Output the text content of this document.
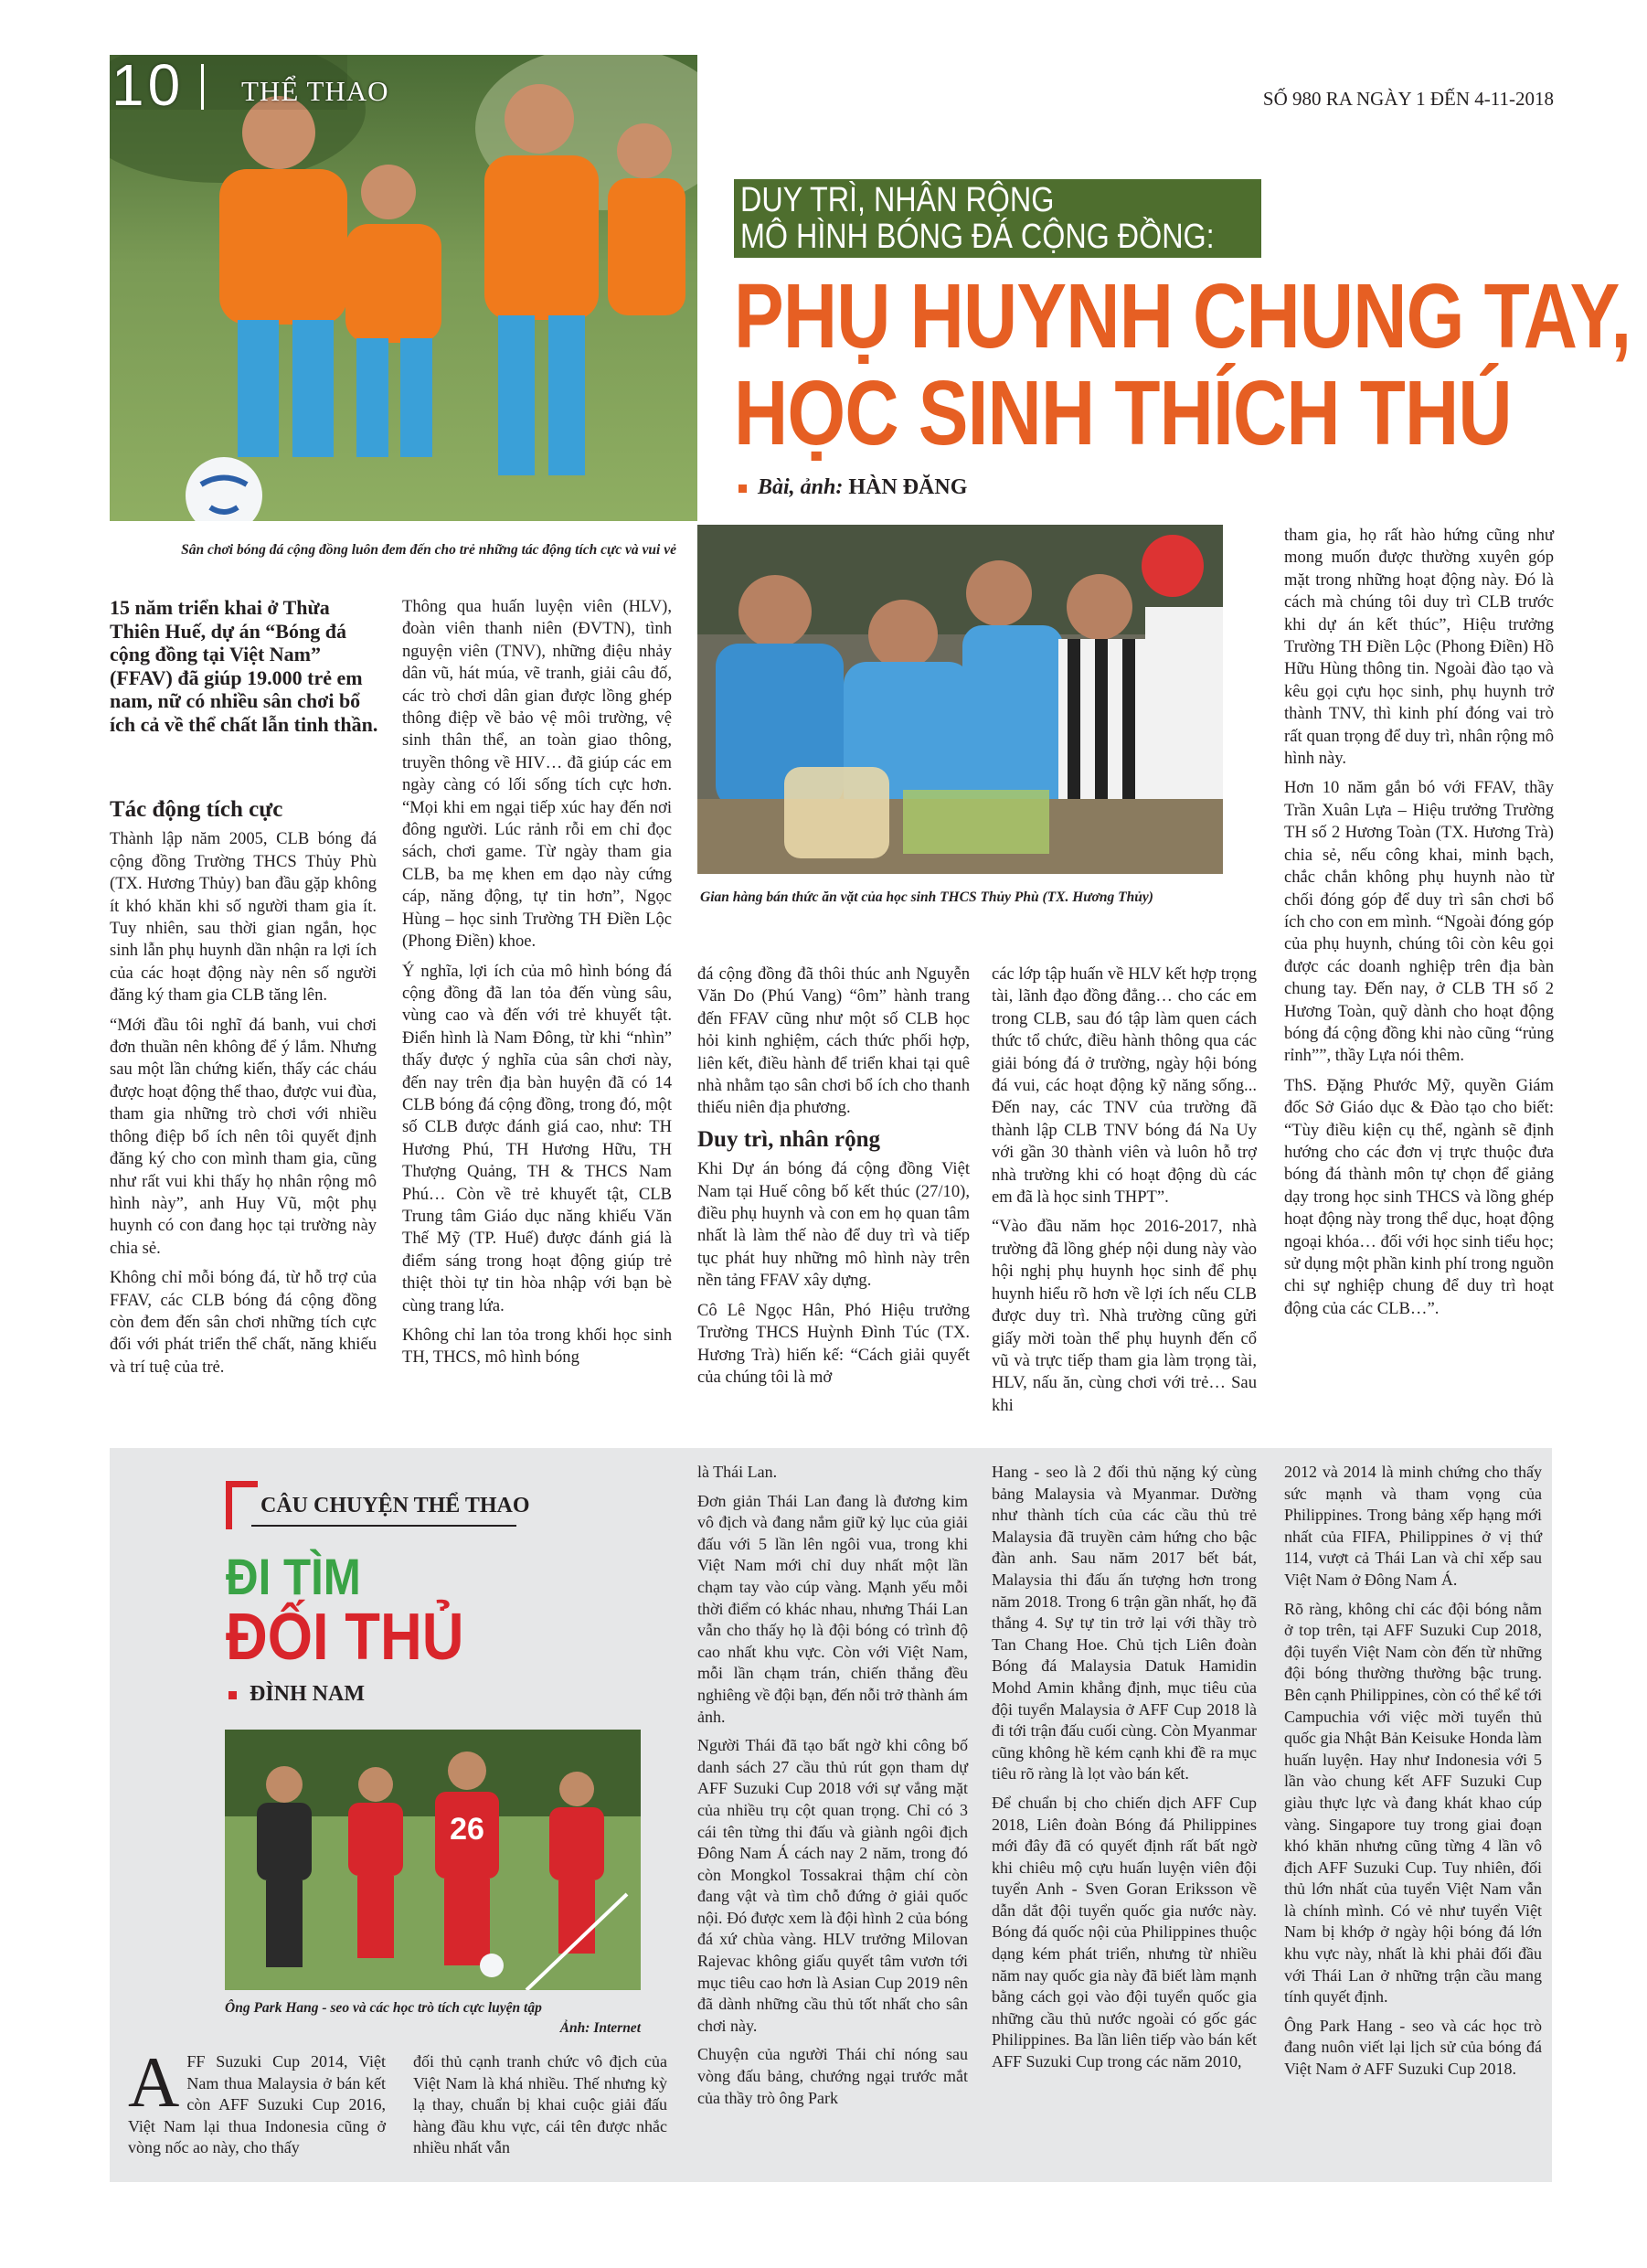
10 THỂ THAO	SỐ 980 RA NGÀY 1 ĐẾN 4-11-2018
Sân chơi bóng đá cộng đồng luôn đem đến cho trẻ những tác động tích cực và vui vẻ
DUY TRÌ, NHÂN RỘNG
MÔ HÌNH BÓNG ĐÁ CỘNG ĐỒNG:
PHỤ HUYNH CHUNG TAY,
HỌC SINH THÍCH THÚ
Bài, ảnh: HÀN ĐĂNG
Gian hàng bán thức ăn vặt của học sinh THCS Thủy Phù (TX. Hương Thủy)
15 năm triển khai ở Thừa Thiên Huế, dự án “Bóng đá cộng đồng tại Việt Nam” (FFAV) đã giúp 19.000 trẻ em nam, nữ có nhiều sân chơi bổ ích cả về thể chất lẫn tinh thần.
Tác động tích cực

Thành lập năm 2005, CLB bóng đá cộng đồng Trường THCS Thủy Phù (TX. Hương Thủy) ban đầu gặp không ít khó khăn khi số người tham gia ít. Tuy nhiên, sau thời gian ngắn, học sinh lẫn phụ huynh dần nhận ra lợi ích của các hoạt động này nên số người đăng ký tham gia CLB tăng lên.

“Mới đầu tôi nghĩ đá banh, vui chơi đơn thuần nên không để ý lắm. Nhưng sau một lần chứng kiến, thấy các cháu được hoạt động thể thao, được vui đùa, tham gia những trò chơi với nhiều thông điệp bổ ích nên tôi quyết định đăng ký cho con mình tham gia, cũng như rất vui khi thấy họ nhân rộng mô hình này”, anh Huy Vũ, một phụ huynh có con đang học tại trường này chia sẻ.

Không chỉ mỗi bóng đá, từ hỗ trợ của FFAV, các CLB bóng đá cộng đồng còn đem đến sân chơi những tích cực đối với phát triển thể chất, năng khiếu và trí tuệ của trẻ.

Thông qua huấn luyện viên (HLV), đoàn viên thanh niên (ĐVTN), tình nguyện viên (TNV), những điệu nhảy dân vũ, hát múa, vẽ tranh, giải câu đố, các trò chơi dân gian được lồng ghép thông điệp về bảo vệ môi trường, vệ sinh thân thể, an toàn giao thông, truyền thông về HIV… đã giúp các em ngày càng có lối sống tích cực hơn. “Mọi khi em ngại tiếp xúc hay đến nơi đông người. Lúc rảnh rỗi em chỉ đọc sách, chơi game. Từ ngày tham gia CLB, ba mẹ khen em dạo này cứng cáp, năng động, tự tin hơn”, Ngọc Hùng – học sinh Trường TH Điền Lộc (Phong Điền) khoe.

Ý nghĩa, lợi ích của mô hình bóng đá cộng đồng đã lan tỏa đến vùng sâu, vùng cao và đến với trẻ khuyết tật. Điển hình là Nam Đông, từ khi “nhìn” thấy được ý nghĩa của sân chơi này, đến nay trên địa bàn huyện đã có 14 CLB bóng đá cộng đồng, trong đó, một số CLB được đánh giá cao, như: TH Hương Phú, TH Hương Hữu, TH Thượng Quảng, TH & THCS Nam Phú… Còn về trẻ khuyết tật, CLB Trung tâm Giáo dục năng khiếu Văn Thế Mỹ (TP. Huế) được đánh giá là điểm sáng trong hoạt động giúp trẻ thiệt thòi tự tin hòa nhập với bạn bè cùng trang lứa.

Không chỉ lan tỏa trong khối học sinh TH, THCS, mô hình bóng

đá cộng đồng đã thôi thúc anh Nguyễn Văn Do (Phú Vang) “ôm” hành trang đến FFAV cũng như một số CLB học hỏi kinh nghiệm, cách thức phối hợp, liên kết, điều hành để triển khai tại quê nhà nhằm tạo sân chơi bổ ích cho thanh thiếu niên địa phương.

Duy trì, nhân rộng

Khi Dự án bóng đá cộng đồng Việt Nam tại Huế công bố kết thúc (27/10), điều phụ huynh và con em họ quan tâm nhất là làm thế nào để duy trì và tiếp tục phát huy những mô hình này trên nền tảng FFAV xây dựng.

Cô Lê Ngọc Hân, Phó Hiệu trưởng Trường THCS Huỳnh Đình Túc (TX. Hương Trà) hiến kế: “Cách giải quyết của chúng tôi là mở

các lớp tập huấn về HLV kết hợp trọng tài, lãnh đạo đồng đẳng… cho các em trong CLB, sau đó tập làm quen cách thức tổ chức, điều hành thông qua các giải bóng đá ở trường, ngày hội bóng đá vui, các hoạt động kỹ năng sống... Đến nay, các TNV của trường đã thành lập CLB TNV bóng đá Na Uy với gần 30 thành viên và luôn hỗ trợ nhà trường khi có hoạt động dù các em đã là học sinh THPT”.

“Vào đầu năm học 2016-2017, nhà trường đã lồng ghép nội dung này vào hội nghị phụ huynh học sinh để phụ huynh hiểu rõ hơn về lợi ích nếu CLB được duy trì. Nhà trường cũng gửi giấy mời toàn thể phụ huynh đến cổ vũ và trực tiếp tham gia làm trọng tài, HLV, nấu ăn, cùng chơi với trẻ… Sau khi

tham gia, họ rất hào hứng cũng như mong muốn được thường xuyên góp mặt trong những hoạt động này. Đó là cách mà chúng tôi duy trì CLB trước khi dự án kết thúc”, Hiệu trưởng Trường TH Điền Lộc (Phong Điền) Hồ Hữu Hùng thông tin. Ngoài đào tạo và kêu gọi cựu học sinh, phụ huynh trở thành TNV, thì kinh phí đóng vai trò rất quan trọng để duy trì, nhân rộng mô hình này.

Hơn 10 năm gắn bó với FFAV, thầy Trần Xuân Lựa – Hiệu trưởng Trường TH số 2 Hương Toàn (TX. Hương Trà) chia sẻ, nếu công khai, minh bạch, chắc chắn không phụ huynh nào từ chối đóng góp để duy trì sân chơi bổ ích cho con em mình. “Ngoài đóng góp của phụ huynh, chúng tôi còn kêu gọi được các doanh nghiệp trên địa bàn chung tay. Đến nay, ở CLB TH số 2 Hương Toàn, quỹ dành cho hoạt động bóng đá cộng đồng khi nào cũng “rủng rỉnh””, thầy Lựa nói thêm.

ThS. Đặng Phước Mỹ, quyền Giám đốc Sở Giáo dục & Đào tạo cho biết: “Tùy điều kiện cụ thể, ngành sẽ định hướng cho các đơn vị trực thuộc đưa bóng đá thành môn tự chọn để giảng dạy trong học sinh THCS và lồng ghép hoạt động này trong thể dục, hoạt động ngoại khóa… đối với học sinh tiểu học; sử dụng một phần kinh phí trong nguồn chi sự nghiệp chung để duy trì hoạt động của các CLB…”.

CÂU CHUYỆN THỂ THAO
ĐI TÌM
ĐỐI THỦ
ĐÌNH NAM
26
Ông Park Hang - seo và các học trò tích cực luyện tập
Ảnh: Internet
A FF Suzuki Cup 2014, Việt Nam thua Malaysia ở bán kết còn AFF Suzuki Cup 2016, Việt Nam lại thua Indonesia cũng ở vòng nốc ao này, cho thấy

đối thủ cạnh tranh chức vô địch của Việt Nam là khá nhiều. Thế nhưng kỳ lạ thay, chuẩn bị khai cuộc giải đấu hàng đầu khu vực, cái tên được nhắc nhiều nhất vẫn

là Thái Lan.

Đơn giản Thái Lan đang là đương kim vô địch và đang nắm giữ kỷ lục của giải đấu với 5 lần lên ngôi vua, trong khi Việt Nam mới chỉ duy nhất một lần chạm tay vào cúp vàng. Mạnh yếu mỗi thời điểm có khác nhau, nhưng Thái Lan vẫn cho thấy họ là đội bóng có trình độ cao nhất khu vực. Còn với Việt Nam, mỗi lần chạm trán, chiến thắng đều nghiêng về đội bạn, đến nỗi trở thành ám ảnh.

Người Thái đã tạo bất ngờ khi công bố danh sách 27 cầu thủ rút gọn tham dự AFF Suzuki Cup 2018 với sự vắng mặt của nhiều trụ cột quan trọng. Chỉ có 3 cái tên từng thi đấu và giành ngôi địch Đông Nam Á cách nay 2 năm, trong đó còn Mongkol Tossakrai thậm chí còn đang vật và tìm chỗ đứng ở giải quốc nội. Đó được xem là đội hình 2 của bóng đá xứ chùa vàng. HLV trưởng Milovan Rajevac không giấu quyết tâm vươn tới mục tiêu cao hơn là Asian Cup 2019 nên đã dành những cầu thủ tốt nhất cho sân chơi này.

Chuyện của người Thái chỉ nóng sau vòng đấu bảng, chướng ngại trước mắt của thầy trò ông Park

Hang - seo là 2 đối thủ nặng ký cùng bảng Malaysia và Myanmar. Dường như thành tích của các cầu thủ trẻ Malaysia đã truyền cảm hứng cho bậc đàn anh. Sau năm 2017 bết bát, Malaysia thi đấu ấn tượng hơn trong năm 2018. Trong 6 trận gần nhất, họ đã thắng 4. Sự tự tin trở lại với thầy trò Tan Chang Hoe. Chủ tịch Liên đoàn Bóng đá Malaysia Datuk Hamidin Mohd Amin khẳng định, mục tiêu của đội tuyển Malaysia ở AFF Cup 2018 là đi tới trận đấu cuối cùng. Còn Myanmar cũng không hề kém cạnh khi đề ra mục tiêu rõ ràng là lọt vào bán kết.

Để chuẩn bị cho chiến dịch AFF Cup 2018, Liên đoàn Bóng đá Philippines mới đây đã có quyết định rất bất ngờ khi chiêu mộ cựu huấn luyện viên đội tuyển Anh - Sven Goran Eriksson về dẫn dắt đội tuyển quốc gia nước này. Bóng đá quốc nội của Philippines thuộc dạng kém phát triển, nhưng từ nhiều năm nay quốc gia này đã biết làm mạnh bằng cách gọi vào đội tuyển quốc gia những cầu thủ nước ngoài có gốc gác Philippines. Ba lần liên tiếp vào bán kết AFF Suzuki Cup trong các năm 2010,

2012 và 2014 là minh chứng cho thấy sức mạnh và tham vọng của Philippines. Trong bảng xếp hạng mới nhất của FIFA, Philippines ở vị thứ 114, vượt cả Thái Lan và chỉ xếp sau Việt Nam ở Đông Nam Á.

Rõ ràng, không chỉ các đội bóng nằm ở top trên, tại AFF Suzuki Cup 2018, đội tuyển Việt Nam còn đến từ những đội bóng thường thường bậc trung. Bên cạnh Philippines, còn có thể kể tới Campuchia với việc mời tuyển thủ quốc gia Nhật Bản Keisuke Honda làm huấn luyện. Hay như Indonesia với 5 lần vào chung kết AFF Suzuki Cup giàu thực lực và đang khát khao cúp vàng. Singapore tuy trong giai đoạn khó khăn nhưng cũng từng 4 lần vô địch AFF Suzuki Cup. Tuy nhiên, đối thủ lớn nhất của tuyển Việt Nam vẫn là chính mình. Có vẻ như tuyển Việt Nam bị khớp ở ngày hội bóng đá lớn khu vực này, nhất là khi phải đối đầu với Thái Lan ở những trận cầu mang tính quyết định.

Ông Park Hang - seo và các học trò đang nuôn viết lại lịch sử của bóng đá Việt Nam ở AFF Suzuki Cup 2018.
